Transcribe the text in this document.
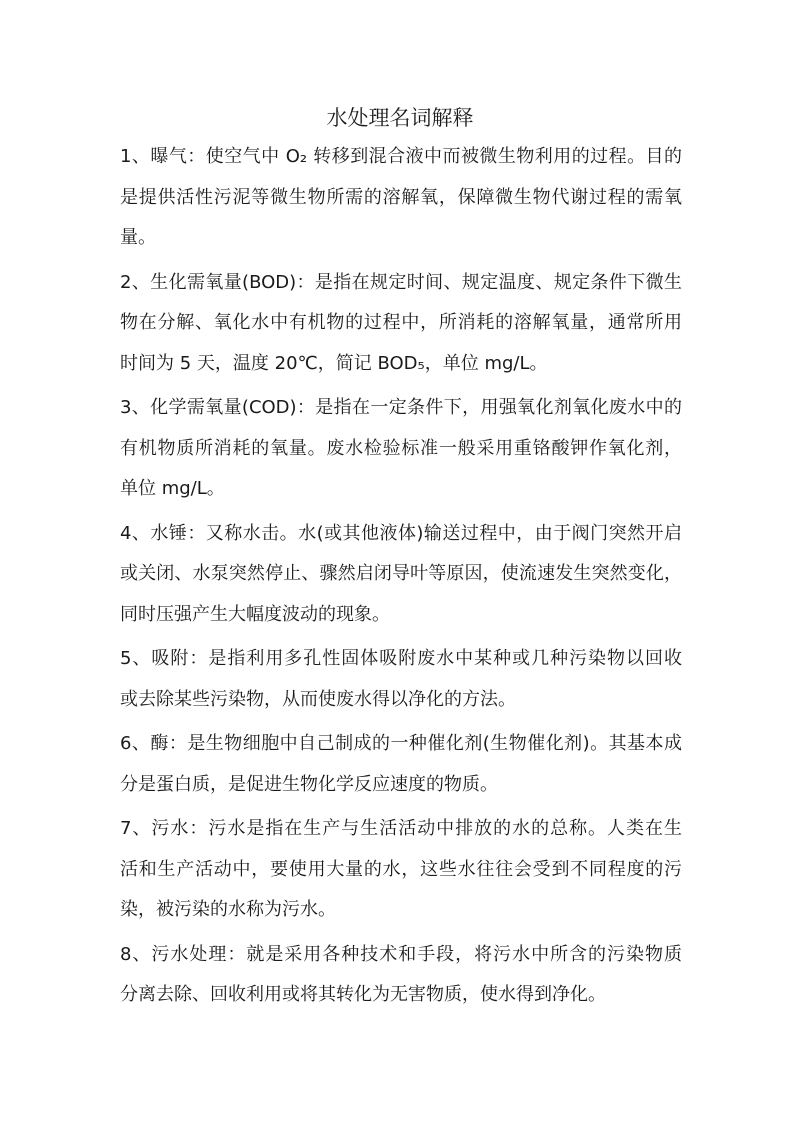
水处理名词解释
1、曝气：使空气中 O₂ 转移到混合液中而被微生物利用的过程。目的
是提供活性污泥等微生物所需的溶解氧，保障微生物代谢过程的需氧
量。
2、生化需氧量(BOD)：是指在规定时间、规定温度、规定条件下微生
物在分解、氧化水中有机物的过程中，所消耗的溶解氧量，通常所用
时间为 5 天，温度 20℃，简记 BOD₅，单位 mg/L。
3、化学需氧量(COD)：是指在一定条件下，用强氧化剂氧化废水中的
有机物质所消耗的氧量。废水检验标准一般采用重铬酸钾作氧化剂，
单位 mg/L。
4、水锤：又称水击。水(或其他液体)输送过程中，由于阀门突然开启
或关闭、水泵突然停止、骤然启闭导叶等原因，使流速发生突然变化，
同时压强产生大幅度波动的现象。
5、吸附：是指利用多孔性固体吸附废水中某种或几种污染物以回收
或去除某些污染物，从而使废水得以净化的方法。
6、酶：是生物细胞中自己制成的一种催化剂(生物催化剂)。其基本成
分是蛋白质，是促进生物化学反应速度的物质。
7、污水：污水是指在生产与生活活动中排放的水的总称。人类在生
活和生产活动中，要使用大量的水，这些水往往会受到不同程度的污
染，被污染的水称为污水。
8、污水处理：就是采用各种技术和手段，将污水中所含的污染物质
分离去除、回收利用或将其转化为无害物质，使水得到净化。
